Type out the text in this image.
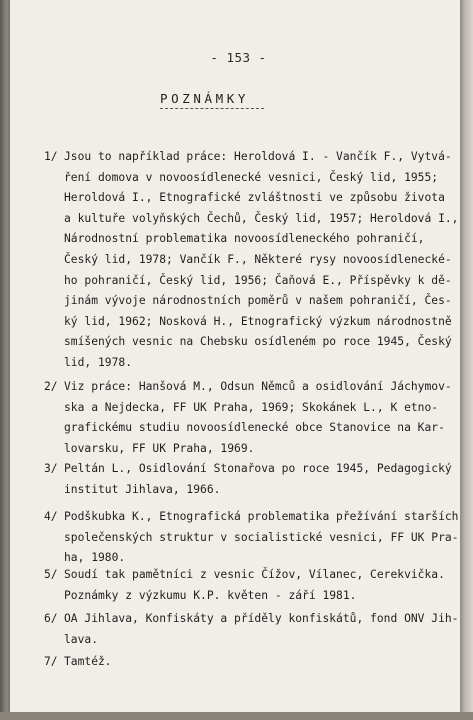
- 153 -
POZNÁMKY
1/ Jsou to například práce: Heroldová I. - Vančík F., Vytvá-
ření domova v novoosídlenecké vesnici, Český lid, 1955;
Heroldová I., Etnografické zvláštnosti ve způsobu života
a kultuře volyňských Čechů, Český lid, 1957; Heroldová I.,
Národnostní problematika novoosídleneckého pohraničí,
Český lid, 1978; Vančík F., Některé rysy novoosídlenecké-
ho pohraničí, Český lid, 1956; Čaňová E., Příspěvky k dě-
jinám vývoje národnostních poměrů v našem pohraničí, Čes-
ký lid, 1962; Nosková H., Etnografický výzkum národnostně
smíšených vesnic na Chebsku osídleném po roce 1945, Český
lid, 1978.
2/ Viz práce: Hanšová M., Odsun Němců a osidlování Jáchymov-
ska a Nejdecka, FF UK Praha, 1969; Skokánek L., K etno-
grafickému studiu novoosídlenecké obce Stanovice na Kar-
lovarsku, FF UK Praha, 1969.
3/ Peltán L., Osidlování Stonařova po roce 1945, Pedagogický
institut Jihlava, 1966.
4/ Podškubka K., Etnografická problematika přežívání starších
společenských struktur v socialistické vesnici, FF UK Pra-
ha, 1980.
5/ Soudí tak pamětníci z vesnic Čížov, Vílanec, Cerekvička.
Poznámky z výzkumu K.P. květen - září 1981.
6/ OA Jihlava, Konfiskáty a příděly konfiskátů, fond ONV Jih-
lava.
7/ Tamtéž.
